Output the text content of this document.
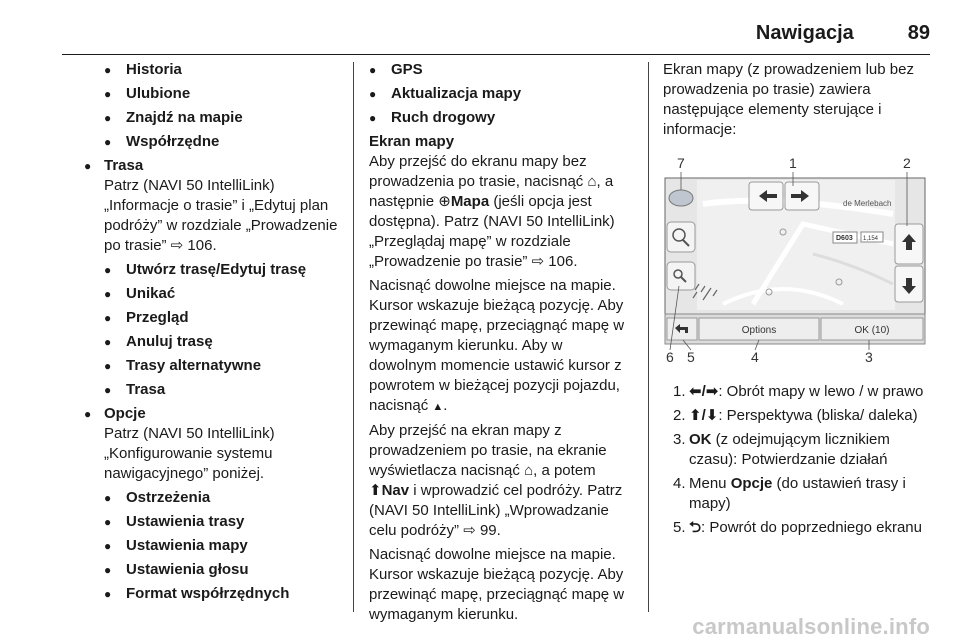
Nawigacja	89
● Historia
● Ulubione
● Znajdź na mapie
● Współrzędne
● Trasa
Patrz (NAVI 50 IntelliLink) „Informacje o trasie” i „Edytuj plan podróży” w rozdziale „Prowadzenie po trasie” ⇨ 106.
● Utwórz trasę/Edytuj trasę
● Unikać
● Przegląd
● Anuluj trasę
● Trasy alternatywne
● Trasa
● Opcje
Patrz (NAVI 50 IntelliLink) „Konfigurowanie systemu nawigacyjnego” poniżej.
● Ostrzeżenia
● Ustawienia trasy
● Ustawienia mapy
● Ustawienia głosu
● Format współrzędnych
● GPS
● Aktualizacja mapy
● Ruch drogowy
Ekran mapy

Aby przejść do ekranu mapy bez prowadzenia po trasie, nacisnąć ⌂, a następnie ⊕Mapa (jeśli opcja jest dostępna). Patrz (NAVI 50 IntelliLink) „Przeglądaj mapę” w rozdziale „Prowadzenie po trasie” ⇨ 106.

Nacisnąć dowolne miejsce na mapie. Kursor wskazuje bieżącą pozycję. Aby przewinąć mapę, przeciągnąć mapę w wymaganym kierunku. Aby w dowolnym momencie ustawić kursor z powrotem w bieżącej pozycji pojazdu, nacisnąć ▲.

Aby przejść na ekran mapy z prowadzeniem po trasie, na ekranie wyświetlacza nacisnąć ⌂, a potem ⬆Nav i wprowadzić cel podróży. Patrz (NAVI 50 IntelliLink) „Wprowadzanie celu podróży” ⇨ 99.

Nacisnąć dowolne miejsce na mapie. Kursor wskazuje bieżącą pozycję. Aby przewinąć mapę, przeciągnąć mapę w wymaganym kierunku.

Ekran mapy (z prowadzeniem lub bez prowadzenia po trasie) zawiera następujące elementy sterujące i informacje:

7	1	2
6 5	4	3
de Merlebach
D603 1,154
Options	OK (10)
1. ⬅/➡: Obrót mapy w lewo / w prawo
2. ⬆/⬇: Perspektywa (bliska/ daleka)
3. OK (z odejmującym licznikiem czasu): Potwierdzanie działań
4. Menu Opcje (do ustawień trasy i mapy)
5. ⮌: Powrót do poprzedniego ekranu
carmanualsonline.info
